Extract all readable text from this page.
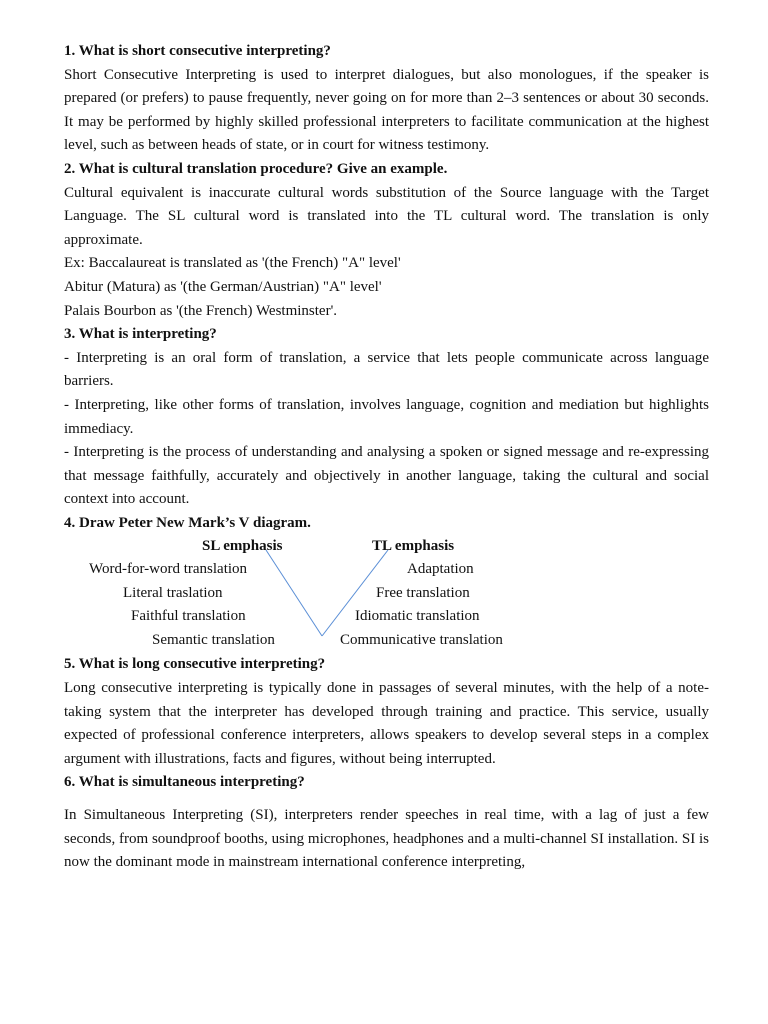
1. What is short consecutive interpreting?
Short Consecutive Interpreting is used to interpret dialogues, but also monologues, if the speaker is prepared (or prefers) to pause frequently, never going on for more than 2–3 sentences or about 30 seconds. It may be performed by highly skilled professional interpreters to facilitate communication at the highest level, such as between heads of state, or in court for witness testimony.
2. What is cultural translation procedure? Give an example.
Cultural equivalent is inaccurate cultural words substitution of the Source language with the Target Language. The SL cultural word is translated into the TL cultural word. The translation is only approximate.
Ex: Baccalaureat is translated as '(the French) "A" level'
Abitur (Matura) as '(the German/Austrian) "A" level'
Palais Bourbon as '(the French) Westminster'.
3. What is interpreting?
- Interpreting is an oral form of translation, a service that lets people communicate across language barriers.
- Interpreting, like other forms of translation, involves language, cognition and mediation but highlights immediacy.
- Interpreting is the process of understanding and analysing a spoken or signed message and re-expressing that message faithfully, accurately and objectively in another language, taking the cultural and social context into account.
4. Draw Peter New Mark’s V diagram.
SL emphasis	TL emphasis
Word-for-word translation
Literal traslation
Faithful translation
Semantic translation
Adaptation
Free translation
Idiomatic translation
Communicative translation
5. What is long consecutive interpreting?
Long consecutive interpreting is typically done in passages of several minutes, with the help of a note-taking system that the interpreter has developed through training and practice. This service, usually expected of professional conference interpreters, allows speakers to develop several steps in a complex argument with illustrations, facts and figures, without being interrupted.
6. What is simultaneous interpreting?
In Simultaneous Interpreting (SI), interpreters render speeches in real time, with a lag of just a few seconds, from soundproof booths, using microphones, headphones and a multi-channel SI installation. SI is now the dominant mode in mainstream international conference interpreting,
